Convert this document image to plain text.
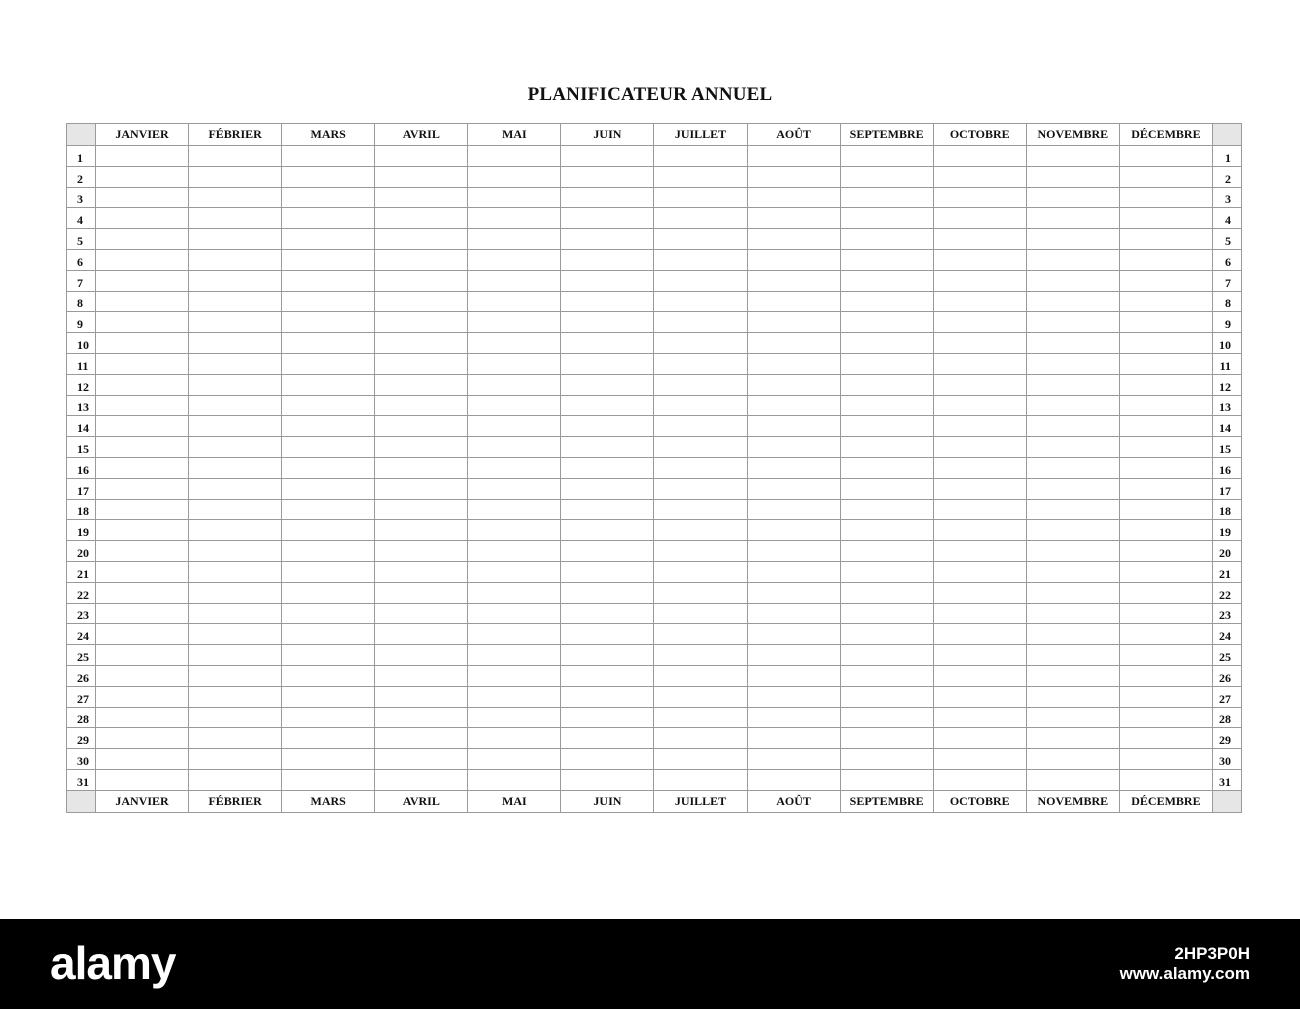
PLANIFICATEUR ANNUEL
	JANVIER	FÉBRIER	MARS	AVRIL	MAI	JUIN	JUILLET	AOÛT	SEPTEMBRE	OCTOBRE	NOVEMBRE	DÉCEMBRE	
1													1
2													2
3													3
4													4
5													5
6													6
7													7
8													8
9													9
10													10
11													11
12													12
13													13
14													14
15													15
16													16
17													17
18													18
19													19
20													20
21													21
22													22
23													23
24													24
25													25
26													26
27													27
28													28
29													29
30													30
31													31
	JANVIER	FÉBRIER	MARS	AVRIL	MAI	JUIN	JUILLET	AOÛT	SEPTEMBRE	OCTOBRE	NOVEMBRE	DÉCEMBRE	
alamy	2HP3P0H
www.alamy.com
